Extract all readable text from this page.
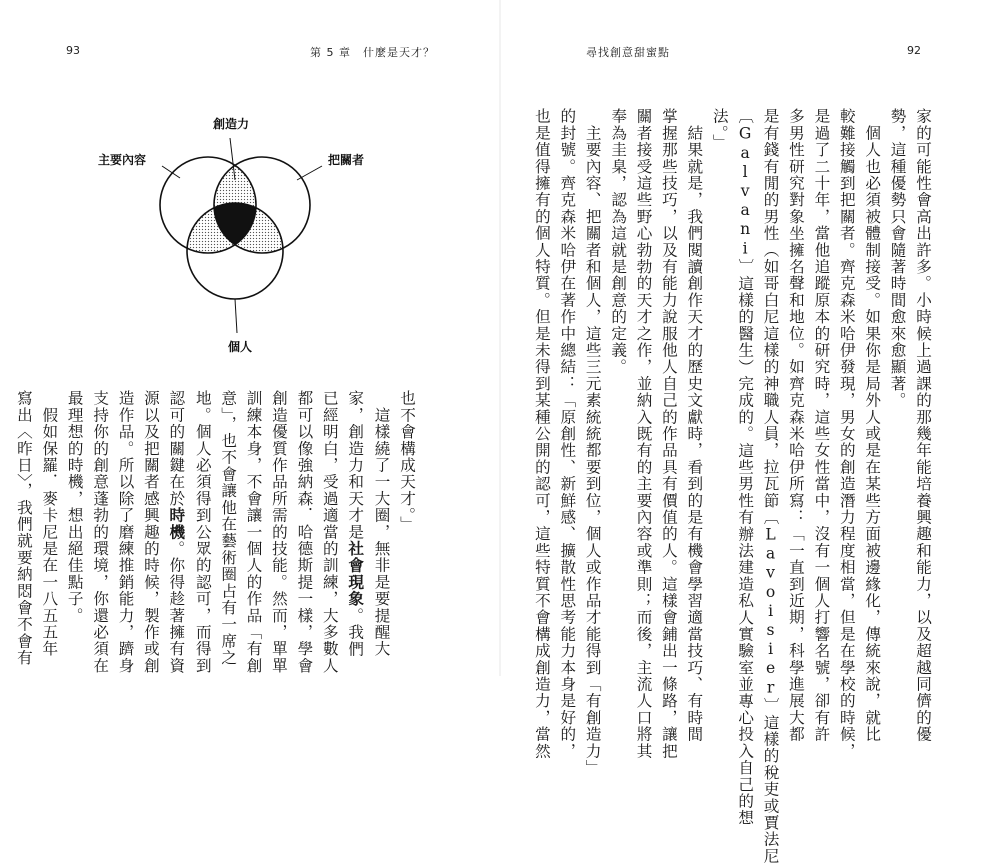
93	第 5 章　什麼是天才？	尋找創意甜蜜點	92
創造力
主要內容	把關者
個人	家的可能性會高出許多。小時候上過課的那幾年能培養興趣和能力，以及超越同儕的優
勢，這種優勢只會隨著時間愈來愈顯著。
　個人也必須被體制接受。如果你是局外人或是在某些方面被邊緣化，傳統來說，就比
較難接觸到把關者。齊克森米哈伊發現，男女的創造潛力程度相當，但是在學校的時候，
是過了二十年，當他追蹤原本的研究時，這些女性當中，沒有一個人打響名號，卻有許
多男性研究對象坐擁名聲和地位。如齊克森米哈伊所寫：「一直到近期，科學進展大都
是有錢有閒的男性（如哥白尼這樣的神職人員，拉瓦節〔Lavoisier〕這樣的稅吏或賈法尼
〔Galvani〕這樣的醫生）完成的。這些男性有辦法建造私人實驗室並專心投入自己的想
法。」
　結果就是，我們閱讀創作天才的歷史文獻時，看到的是有機會學習適當技巧、有時間
掌握那些技巧，以及有能力說服他人自己的作品具有價值的人。這樣會鋪出一條路，讓把
關者接受這些野心勃勃的天才之作，並納入既有的主要內容或準則；而後，主流人口將其
奉為圭臬，認為這就是創意的定義。
　主要內容、把關者和個人，這些三元素統統都要到位，個人或作品才能得到「有創造力」
的封號。齊克森米哈伊在著作中總結：「原創性、新鮮感、擴散性思考能力本身是好的，
也是值得擁有的個人特質。但是未得到某種公開的認可，這些特質不會構成創造力，當然
也不會構成天才。」
　這樣繞了一大圈，無非是要提醒大
家，創造力和天才是社會現象。我們
已經明白，受過適當的訓練，大多數人
都可以像強納森．哈德斯提一樣，學會
創造優質作品所需的技能。然而，單單
訓練本身，不會讓一個人的作品「有創
意」，也不會讓他在藝術圈占有一席之
地。個人必須得到公眾的認可，而得到
認可的關鍵在於時機。你得趁著擁有資
源以及把關者感興趣的時候，製作或創
造作品。所以除了磨練推銷能力，躋身
支持你的創意蓬勃的環境，你還必須在
最理想的時機，想出絕佳點子。
　假如保羅．麥卡尼是在一八五五年
寫出〈昨日〉，我們就要納悶會不會有
